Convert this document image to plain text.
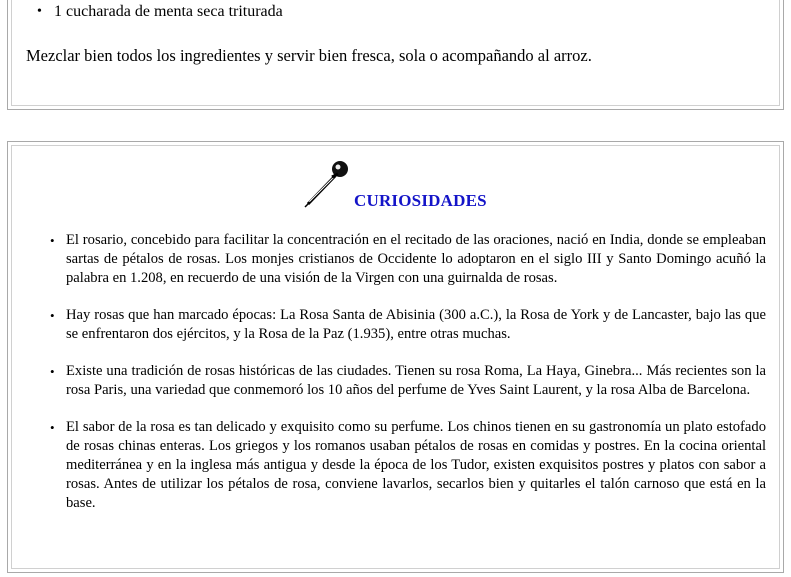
• 1 cucharada de menta seca triturada

Mezclar bien todos los ingredientes y servir bien fresca, sola o acompañando al arroz.

CURIOSIDADES
• El rosario, concebido para facilitar la concentración en el recitado de las oraciones, nació en India, donde se empleaban sartas de pétalos de rosas. Los monjes cristianos de Occidente lo adoptaron en el siglo III y Santo Domingo acuñó la palabra en 1.208, en recuerdo de una visión de la Virgen con una guirnalda de rosas.
• Hay rosas que han marcado épocas: La Rosa Santa de Abisinia (300 a.C.), la Rosa de York y de Lancaster, bajo las que se enfrentaron dos ejércitos, y la Rosa de la Paz (1.935), entre otras muchas.
• Existe una tradición de rosas históricas de las ciudades. Tienen su rosa Roma, La Haya, Ginebra... Más recientes son la rosa Paris, una variedad que conmemoró los 10 años del perfume de Yves Saint Laurent, y la rosa Alba de Barcelona.
• El sabor de la rosa es tan delicado y exquisito como su perfume. Los chinos tienen en su gastronomía un plato estofado de rosas chinas enteras. Los griegos y los romanos usaban pétalos de rosas en comidas y postres. En la cocina oriental mediterránea y en la inglesa más antigua y desde la época de los Tudor, existen exquisitos postres y platos con sabor a rosas. Antes de utilizar los pétalos de rosa, conviene lavarlos, secarlos bien y quitarles el talón carnoso que está en la base.
